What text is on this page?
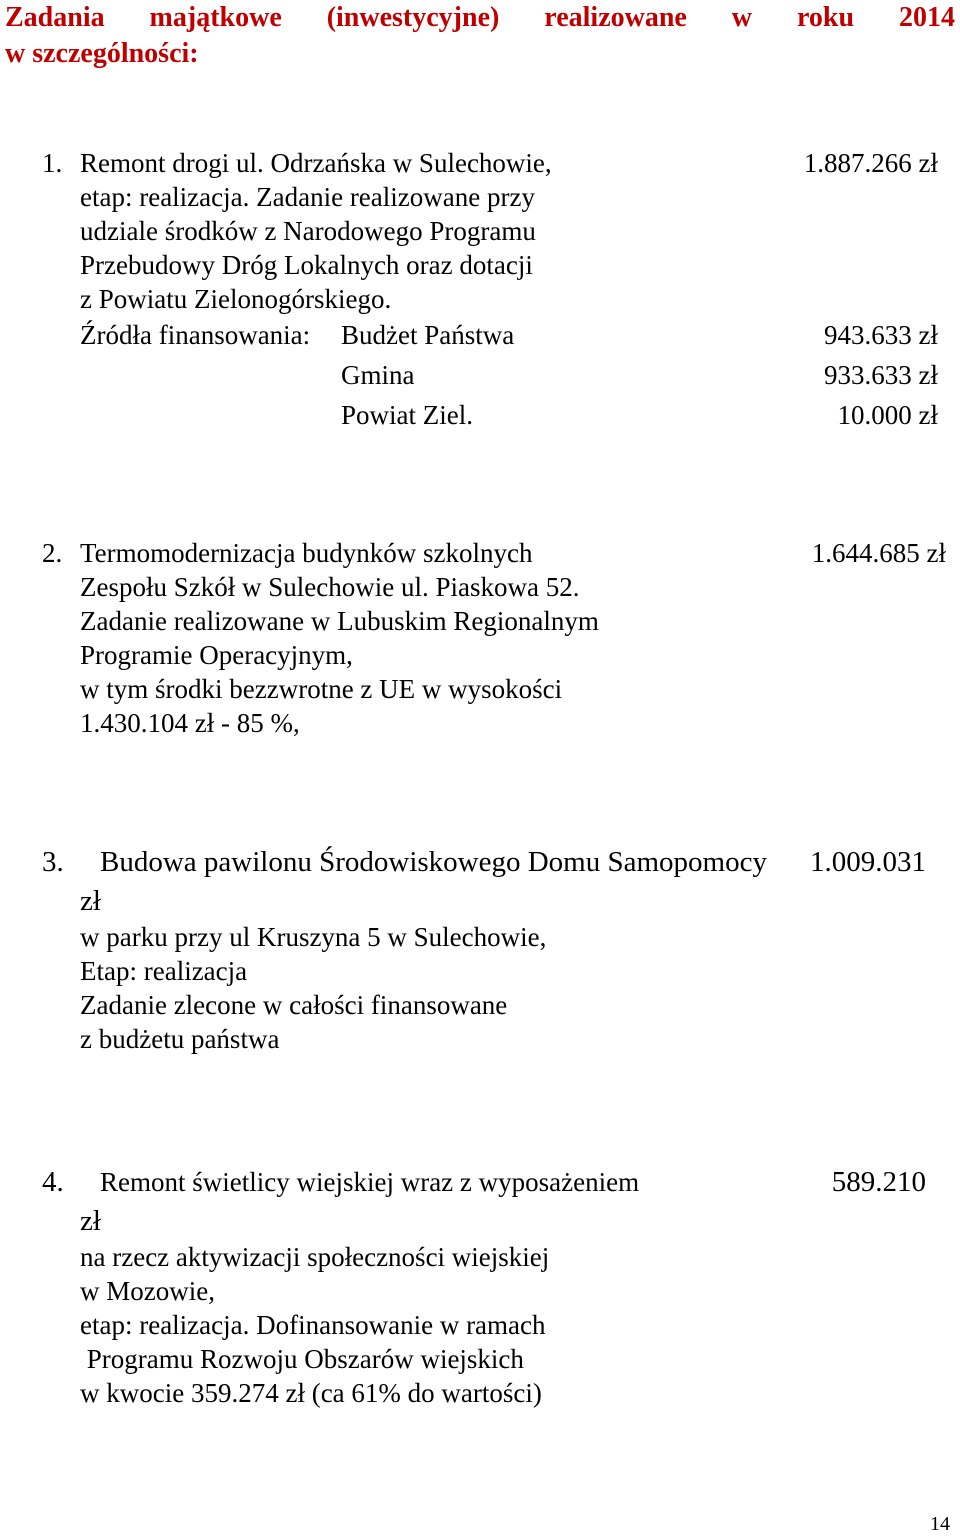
Zadania majątkowe (inwestycyjne) realizowane w roku 2014
w szczególności:
1. Remont drogi ul. Odrzańska w Sulechowie,	1.887.266 zł
etap: realizacja. Zadanie realizowane przy
udziale środków z Narodowego Programu
Przebudowy Dróg Lokalnych oraz dotacji
z Powiatu Zielonogórskiego.
Źródła finansowania: Budżet Państwa	943.633 zł
Gmina	933.633 zł
Powiat Ziel.	10.000 zł
2. Termomodernizacja budynków szkolnych	1.644.685 zł
Zespołu Szkół w Sulechowie ul. Piaskowa 52.
Zadanie realizowane w Lubuskim Regionalnym
Programie Operacyjnym,
w tym środki bezzwrotne z UE w wysokości
1.430.104 zł - 85 %,
3. Budowa pawilonu Środowiskowego Domu Samopomocy 1.009.031
zł
w parku przy ul Kruszyna 5 w Sulechowie,
Etap: realizacja
Zadanie zlecone w całości finansowane
z budżetu państwa
4. Remont świetlicy wiejskiej wraz z wyposażeniem	589.210
zł
na rzecz aktywizacji społeczności wiejskiej
w Mozowie,
etap: realizacja. Dofinansowanie w ramach
Programu Rozwoju Obszarów wiejskich
w kwocie 359.274 zł (ca 61% do wartości)
14
